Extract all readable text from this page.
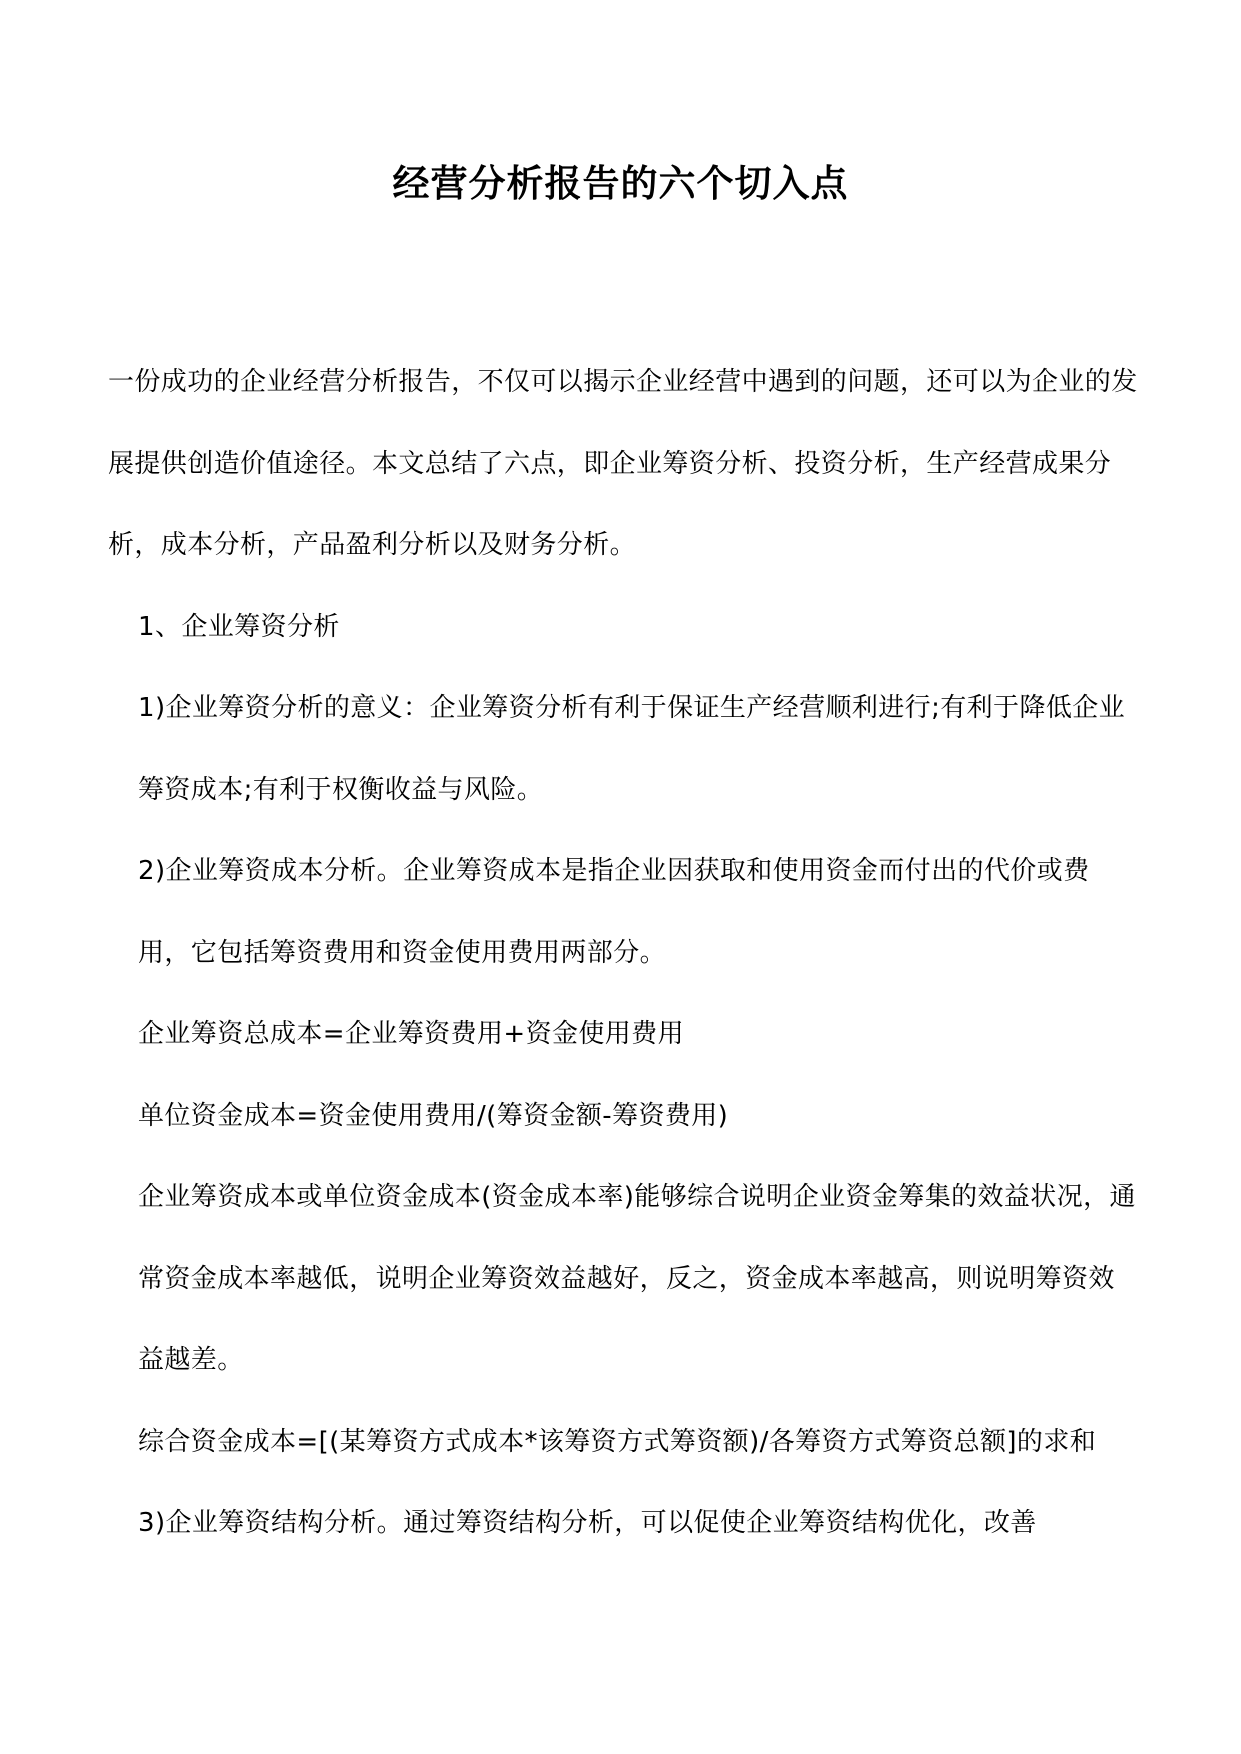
经营分析报告的六个切入点

一份成功的企业经营分析报告，不仅可以揭示企业经营中遇到的问题，还可以为企业的发展提供创造价值途径。本文总结了六点，即企业筹资分析、投资分析，生产经营成果分析，成本分析，产品盈利分析以及财务分析。

1、企业筹资分析

1)企业筹资分析的意义：企业筹资分析有利于保证生产经营顺利进行;有利于降低企业筹资成本;有利于权衡收益与风险。

2)企业筹资成本分析。企业筹资成本是指企业因获取和使用资金而付出的代价或费用，它包括筹资费用和资金使用费用两部分。

企业筹资总成本=企业筹资费用+资金使用费用

单位资金成本=资金使用费用/(筹资金额-筹资费用)

企业筹资成本或单位资金成本(资金成本率)能够综合说明企业资金筹集的效益状况，通常资金成本率越低，说明企业筹资效益越好，反之，资金成本率越高，则说明筹资效益越差。

综合资金成本=[(某筹资方式成本*该筹资方式筹资额)/各筹资方式筹资总额]的求和

3)企业筹资结构分析。通过筹资结构分析，可以促使企业筹资结构优化，改善
